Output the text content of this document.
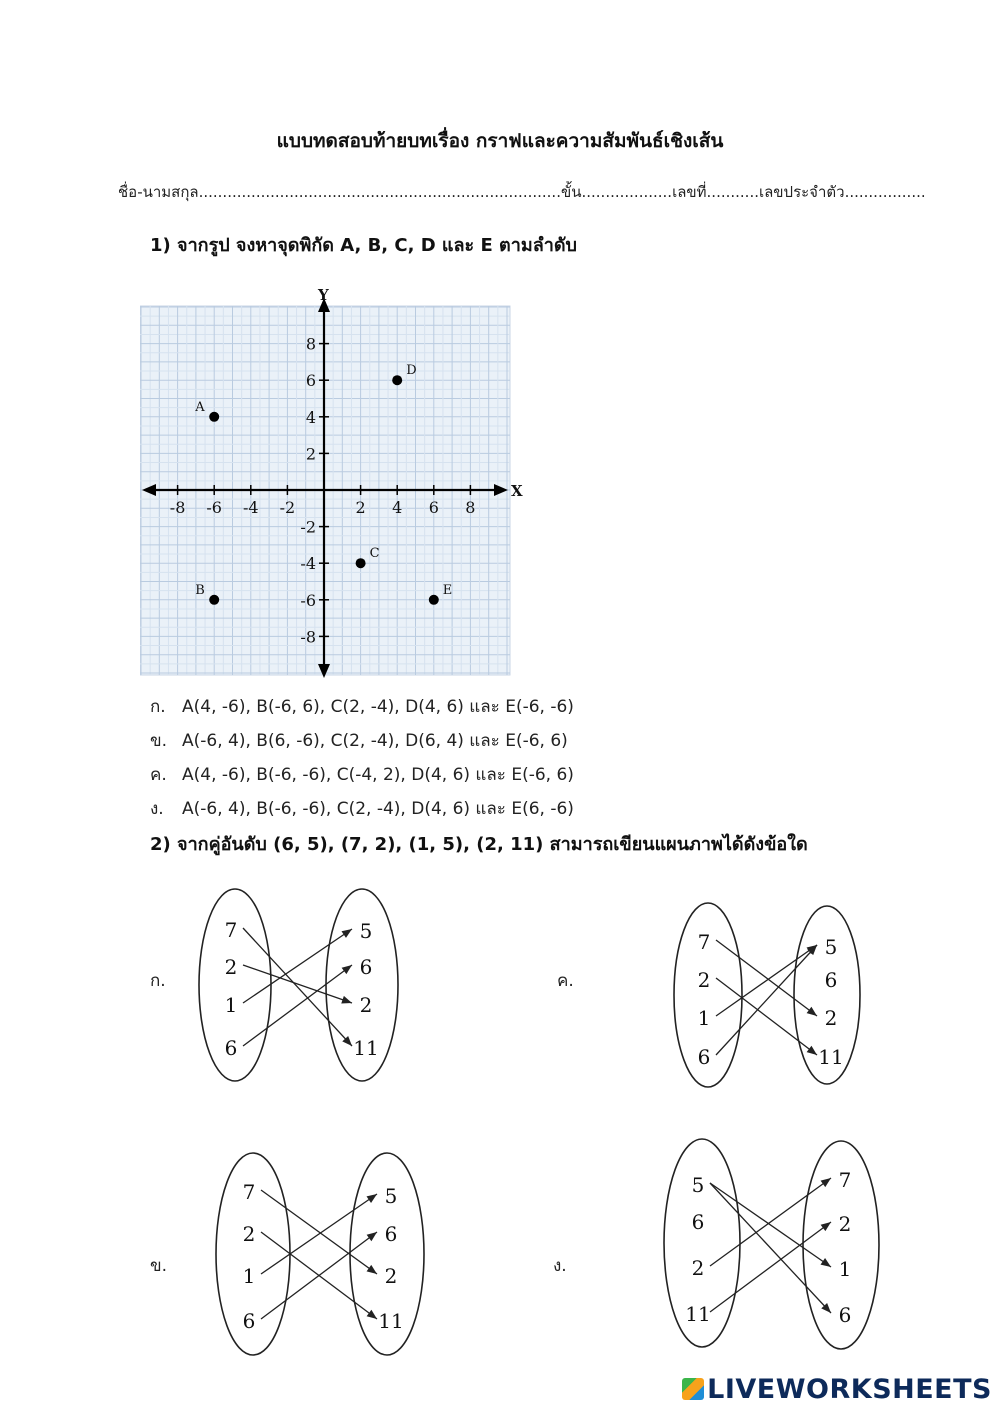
แบบทดสอบท้ายบทเรื่อง กราฟและความสัมพันธ์เชิงเส้น
ชื่อ-นามสกุล............................................................................ขั้น...................เลขที่...........เลขประจำตัว.................
1) จากรูป จงหาจุดพิกัด A, B, C, D และ E ตามลำดับ
-8 -6 -4 -2	2 4 6 8
8
6
4
2
-2
-4
-6
-8
A
B
C
D
E
X
Y
ก. A(4, -6), B(-6, 6), C(2, -4), D(4, 6) และ E(-6, -6)
ข. A(-6, 4), B(6, -6), C(2, -4), D(6, 4) และ E(-6, 6)
ค. A(4, -6), B(-6, -6), C(-4, 2), D(4, 6) และ E(-6, 6)
ง. A(-6, 4), B(-6, -6), C(2, -4), D(4, 6) และ E(6, -6)
2) จากคู่อันดับ (6, 5), (7, 2), (1, 5), (2, 11) สามารถเขียนแผนภาพได้ดังข้อใด
ก.	ค.
ข.	ง.
7
2
1
6
5
6
2
11
7
2
1
6
5
6
2
11
7
2
1
6
5
6
2
11
5
6
2
11
7
2
1
6
LIVEWORKSHEETS
